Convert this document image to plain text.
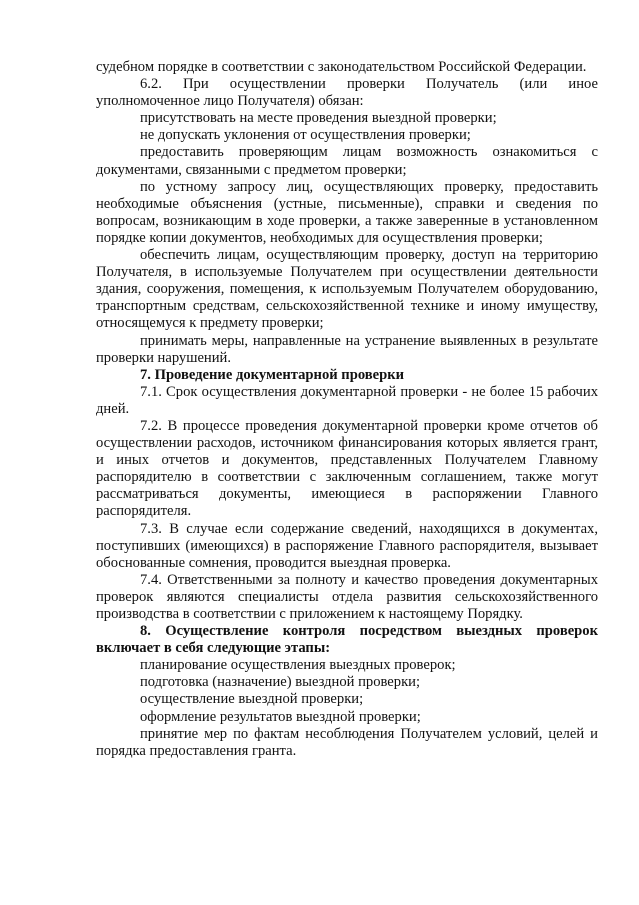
судебном порядке в соответствии с законодательством Российской Федерации.

6.2. При осуществлении проверки Получатель (или иное уполномоченное лицо Получателя) обязан:

присутствовать на месте проведения выездной проверки;

не допускать уклонения от осуществления проверки;

предоставить проверяющим лицам возможность ознакомиться с документами, связанными с предметом проверки;

по устному запросу лиц, осуществляющих проверку, предоставить необходимые объяснения (устные, письменные), справки и сведения по вопросам, возникающим в ходе проверки, а также заверенные в установленном порядке копии документов, необходимых для осуществления проверки;

обеспечить лицам, осуществляющим проверку, доступ на территорию Получателя, в используемые Получателем при осуществлении деятельности здания, сооружения, помещения, к используемым Получателем оборудованию, транспортным средствам, сельскохозяйственной технике и иному имуществу, относящемуся к предмету проверки;

принимать меры, направленные на устранение выявленных в результате проверки нарушений.

7. Проведение документарной проверки

7.1. Срок осуществления документарной проверки - не более 15 рабочих дней.

7.2. В процессе проведения документарной проверки кроме отчетов об осуществлении расходов, источником финансирования которых является грант, и иных отчетов и документов, представленных Получателем Главному распорядителю в соответствии с заключенным соглашением, также могут рассматриваться документы, имеющиеся в распоряжении Главного распорядителя.

7.3. В случае если содержание сведений, находящихся в документах, поступивших (имеющихся) в распоряжение Главного распорядителя, вызывает обоснованные сомнения, проводится выездная проверка.

7.4. Ответственными за полноту и качество проведения документарных проверок являются специалисты отдела развития сельскохозяйственного производства в соответствии с приложением к настоящему Порядку.

8. Осуществление контроля посредством выездных проверок включает в себя следующие этапы:

планирование осуществления выездных проверок;

подготовка (назначение) выездной проверки;

осуществление выездной проверки;

оформление результатов выездной проверки;

принятие мер по фактам несоблюдения Получателем условий, целей и порядка предоставления гранта.
